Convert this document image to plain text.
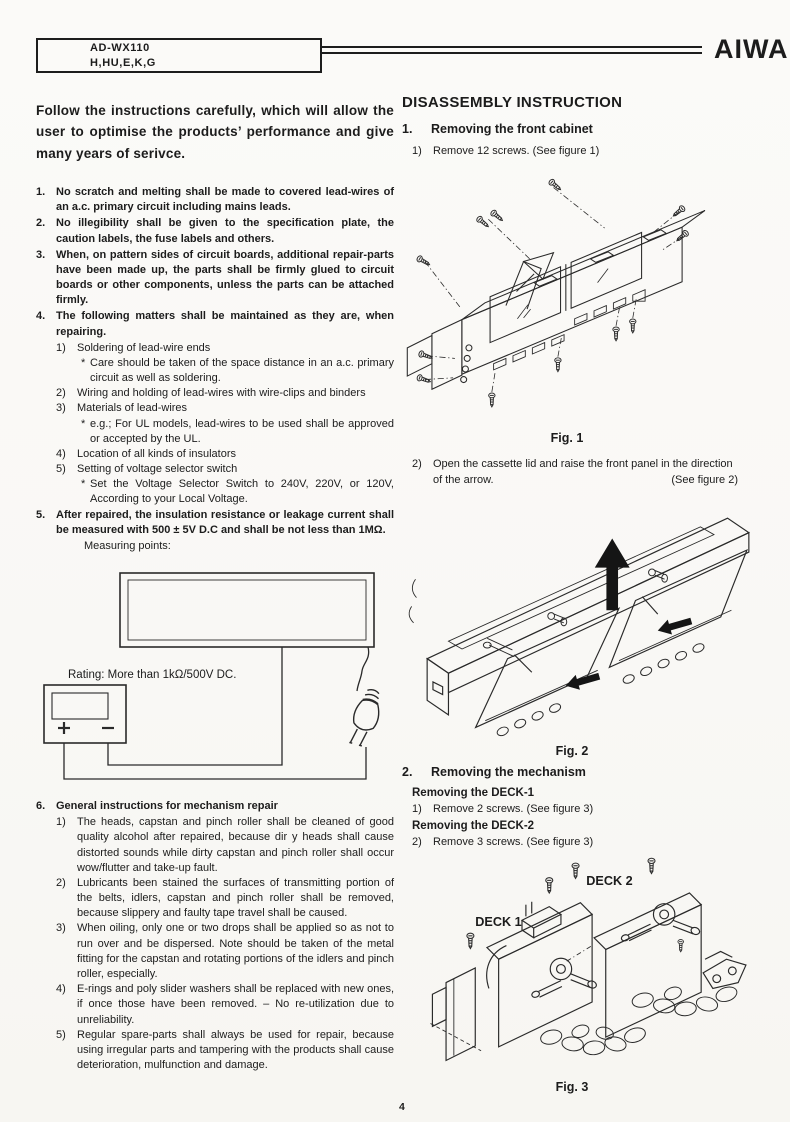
AD-WX110
H,HU,E,K,G	AIWA

Follow the instructions carefully, which will allow the user to optimise the products’ performance and give many years of serivce.

1. No scratch and melting shall be made to covered lead-wires of an a.c. primary circuit including mains leads.
2. No illegibility shall be given to the specification plate, the caution labels, the fuse labels and others.
3. When, on pattern sides of circuit boards, additional repair-parts have been made up, the parts shall be firmly glued to circuit boards or other components, unless the parts can be attached firmly.
4. The following matters shall be maintained as they are, when repairing.
1)	Soldering of lead-wire ends
* Care should be taken of the space distance in an a.c. primary circuit as well as soldering.
2)	Wiring and holding of lead-wires with wire-clips and binders
3)	Materials of lead-wires
* e.g.; For UL models, lead-wires to be used shall be approved or accepted by the UL.
4)	Location of all kinds of insulators
5)	Setting of voltage selector switch
* Set the Voltage Selector Switch to 240V, 220V, or 120V, According to your Local Voltage.
5. After repaired, the insulation resistance or leakage current shall be measured with 500 ± 5V D.C and shall be not less than 1MΩ.
Measuring points:
Rating: More than 1kΩ/500V DC.
6. General instructions for mechanism repair
1)	The heads, capstan and pinch roller shall be cleaned of good quality alcohol after repaired, because dir y heads shall cause distorted sounds while dirty capstan and pinch roller shall occur wow/flutter and take-up fault.
2)	Lubricants been stained the surfaces of transmitting portion of the belts, idlers, capstan and pinch roller shall be removed, because slippery and faulty tape travel shall be caused.
3)	When oiling, only one or two drops shall be applied so as not to run over and be dispersed. Note should be taken of the metal fitting for the capstan and rotating portions of the idlers and pinch roller, especially.
4)	E-rings and poly slider washers shall be replaced with new ones, if once those have been removed. – No re-utilization due to unreliability.
5)	Regular spare-parts shall always be used for repair, because using irregular parts and tampering with the products shall cause deterioration, mulfunction and damage.
DISASSEMBLY INSTRUCTION
1.	Removing the front cabinet
1)	Remove 12 screws. (See figure 1)
Fig. 1
2)	Open the cassette lid and raise the front panel in the direction of the arrow.	(See figure 2)
Fig. 2
2.	Removing the mechanism
Removing the DECK-1
1)	Remove 2 screws. (See figure 3)
Removing the DECK-2
2)	Remove 3 screws. (See figure 3)
DECK 1
DECK 2
Fig. 3
4
